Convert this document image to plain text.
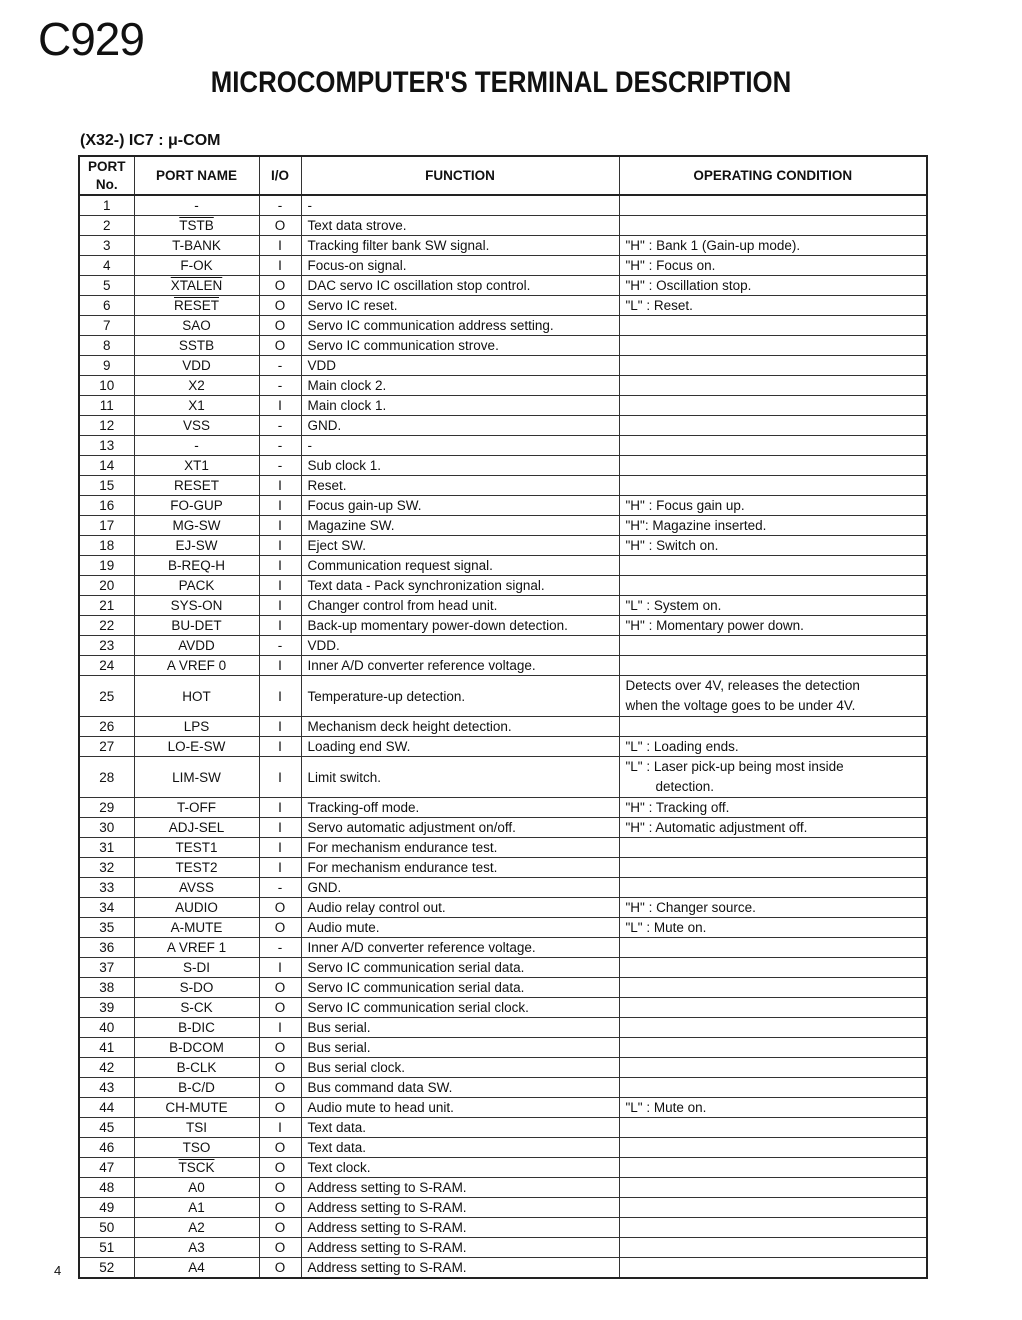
C929
MICROCOMPUTER'S TERMINAL DESCRIPTION
(X32-) IC7 : μ-COM
PORT No.	PORT NAME	I/O	FUNCTION	OPERATING CONDITION
1	-	-	-	
2	TSTB	O	Text data strove.	
3	T-BANK	I	Tracking filter bank SW signal.	"H" : Bank 1 (Gain-up mode).
4	F-OK	I	Focus-on signal.	"H" : Focus on.
5	XTALEN	O	DAC servo IC oscillation stop control.	"H" : Oscillation stop.
6	RESET	O	Servo IC reset.	"L" : Reset.
7	SAO	O	Servo IC communication address setting.	
8	SSTB	O	Servo IC communication strove.	
9	VDD	-	VDD	
10	X2	-	Main clock 2.	
11	X1	I	Main clock 1.	
12	VSS	-	GND.	
13	-	-	-	
14	XT1	-	Sub clock 1.	
15	RESET	I	Reset.	
16	FO-GUP	I	Focus gain-up SW.	"H" : Focus gain up.
17	MG-SW	I	Magazine SW.	"H": Magazine inserted.
18	EJ-SW	I	Eject SW.	"H" : Switch on.
19	B-REQ-H	I	Communication request signal.	
20	PACK	I	Text data - Pack synchronization signal.	
21	SYS-ON	I	Changer control from head unit.	"L" : System on.
22	BU-DET	I	Back-up momentary power-down detection.	"H" : Momentary power down.
23	AVDD	-	VDD.	
24	A VREF 0	I	Inner A/D converter reference voltage.	
25	HOT	I	Temperature-up detection.	Detects over 4V, releases the detection
when the voltage goes to be under 4V.

26	LPS	I	Mechanism deck height detection.	
27	LO-E-SW	I	Loading end SW.	"L" : Loading ends.
28	LIM-SW	I	Limit switch.	"L" : Laser pick-up being most inside
detection.

29	T-OFF	I	Tracking-off mode.	"H" : Tracking off.
30	ADJ-SEL	I	Servo automatic adjustment on/off.	"H" : Automatic adjustment off.
31	TEST1	I	For mechanism endurance test.	
32	TEST2	I	For mechanism endurance test.	
33	AVSS	-	GND.	
34	AUDIO	O	Audio relay control out.	"H" : Changer source.
35	A-MUTE	O	Audio mute.	"L" : Mute on.
36	A VREF 1	-	Inner A/D converter reference voltage.	
37	S-DI	I	Servo IC communication serial data.	
38	S-DO	O	Servo IC communication serial data.	
39	S-CK	O	Servo IC communication serial clock.	
40	B-DIC	I	Bus serial.	
41	B-DCOM	O	Bus serial.	
42	B-CLK	O	Bus serial clock.	
43	B-C/D	O	Bus command data SW.	
44	CH-MUTE	O	Audio mute to head unit.	"L" : Mute on.
45	TSI	I	Text data.	
46	TSO	O	Text data.	
47	TSCK	O	Text clock.	
48	A0	O	Address setting to S-RAM.	
49	A1	O	Address setting to S-RAM.	
50	A2	O	Address setting to S-RAM.	
51	A3	O	Address setting to S-RAM.	
52	A4	O	Address setting to S-RAM.	
4
